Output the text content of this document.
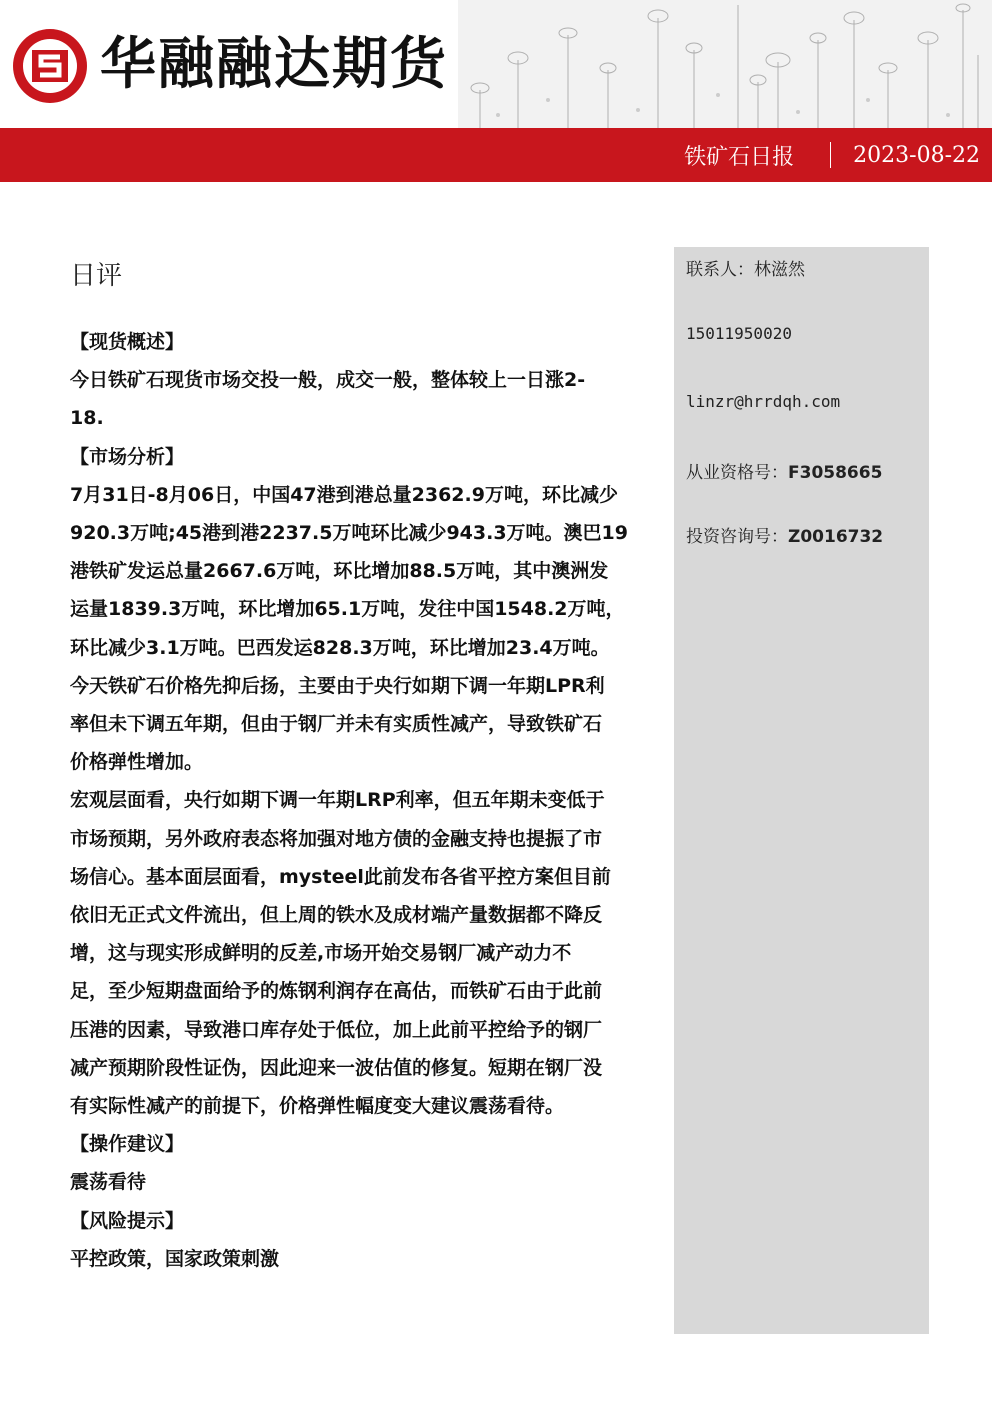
华融融达期货
铁矿石日报	2023-08-22
联系人：林滋然
15011950020
linzr@hrrdqh.com
从业资格号：F3058665
投资咨询号：Z0016732
日评

【现货概述】

今日铁矿石现货市场交投一般，成交一般，整体较上一日涨2-

18.

【市场分析】

7月31日-8月06日，中国47港到港总量2362.9万吨，环比减少

920.3万吨;45港到港2237.5万吨环比减少943.3万吨。澳巴19

港铁矿发运总量2667.6万吨，环比增加88.5万吨，其中澳洲发

运量1839.3万吨，环比增加65.1万吨，发往中国1548.2万吨，

环比减少3.1万吨。巴西发运828.3万吨，环比增加23.4万吨。

今天铁矿石价格先抑后扬，主要由于央行如期下调一年期LPR利

率但未下调五年期，但由于钢厂并未有实质性减产，导致铁矿石

价格弹性增加。

宏观层面看，央行如期下调一年期LRP利率，但五年期未变低于

市场预期，另外政府表态将加强对地方债的金融支持也提振了市

场信心。基本面层面看，mysteel此前发布各省平控方案但目前

依旧无正式文件流出，但上周的铁水及成材端产量数据都不降反

增，这与现实形成鲜明的反差,市场开始交易钢厂减产动力不

足，至少短期盘面给予的炼钢利润存在高估，而铁矿石由于此前

压港的因素，导致港口库存处于低位，加上此前平控给予的钢厂

减产预期阶段性证伪，因此迎来一波估值的修复。短期在钢厂没

有实际性减产的前提下，价格弹性幅度变大建议震荡看待。

【操作建议】

震荡看待

【风险提示】

平控政策，国家政策刺激
